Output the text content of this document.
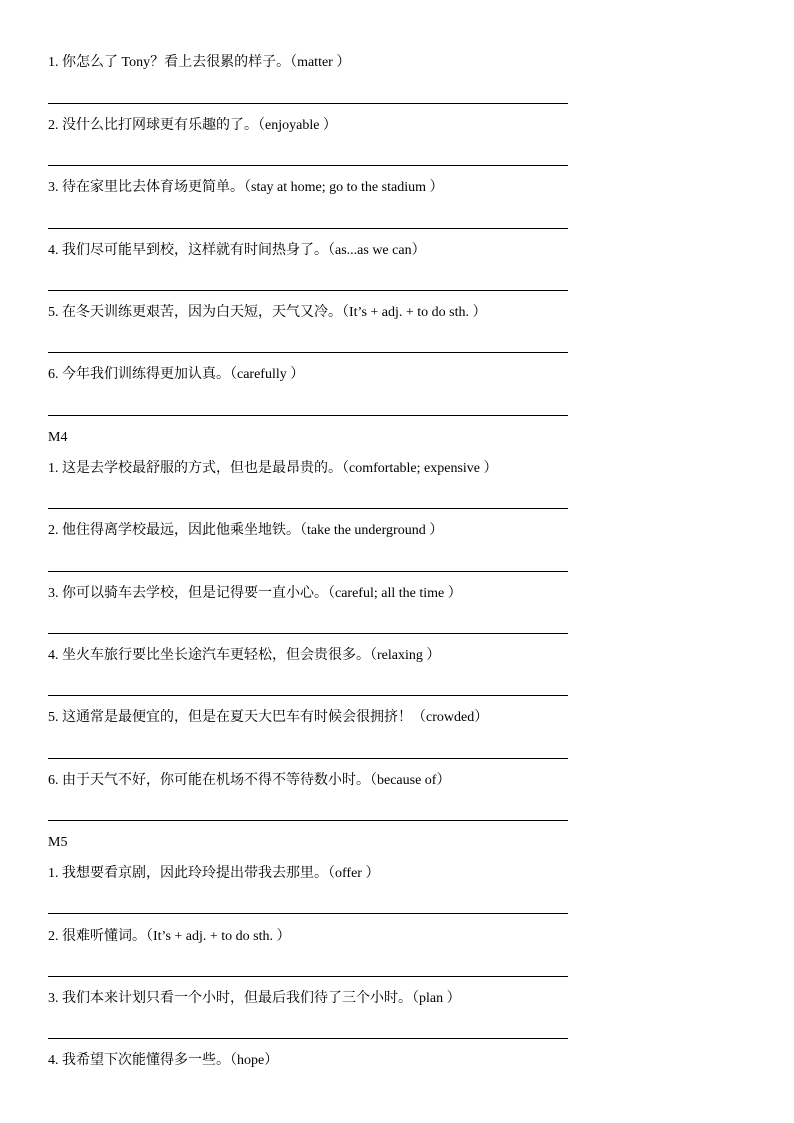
1. 你怎么了 Tony？看上去很累的样子。（matter ）
2. 没什么比打网球更有乐趣的了。（enjoyable ）
3. 待在家里比去体育场更简单。（stay at home; go to the stadium ）
4. 我们尽可能早到校，这样就有时间热身了。（as...as we can）
5. 在冬天训练更艰苦，因为白天短，天气又冷。（It’s + adj. + to do sth. ）
6. 今年我们训练得更加认真。（carefully ）
M4
1. 这是去学校最舒服的方式，但也是最昂贵的。（comfortable; expensive ）
2. 他住得离学校最远，因此他乘坐地铁。（take the underground ）
3. 你可以骑车去学校，但是记得要一直小心。（careful; all the time ）
4. 坐火车旅行要比坐长途汽车更轻松，但会贵很多。（relaxing ）
5. 这通常是最便宜的，但是在夏天大巴车有时候会很拥挤！（crowded）
6. 由于天气不好，你可能在机场不得不等待数小时。（because of）
M5
1. 我想要看京剧，因此玲玲提出带我去那里。（offer ）
2. 很难听懂词。（It’s + adj. + to do sth. ）
3. 我们本来计划只看一个小时，但最后我们待了三个小时。（plan ）
4. 我希望下次能懂得多一些。（hope）
